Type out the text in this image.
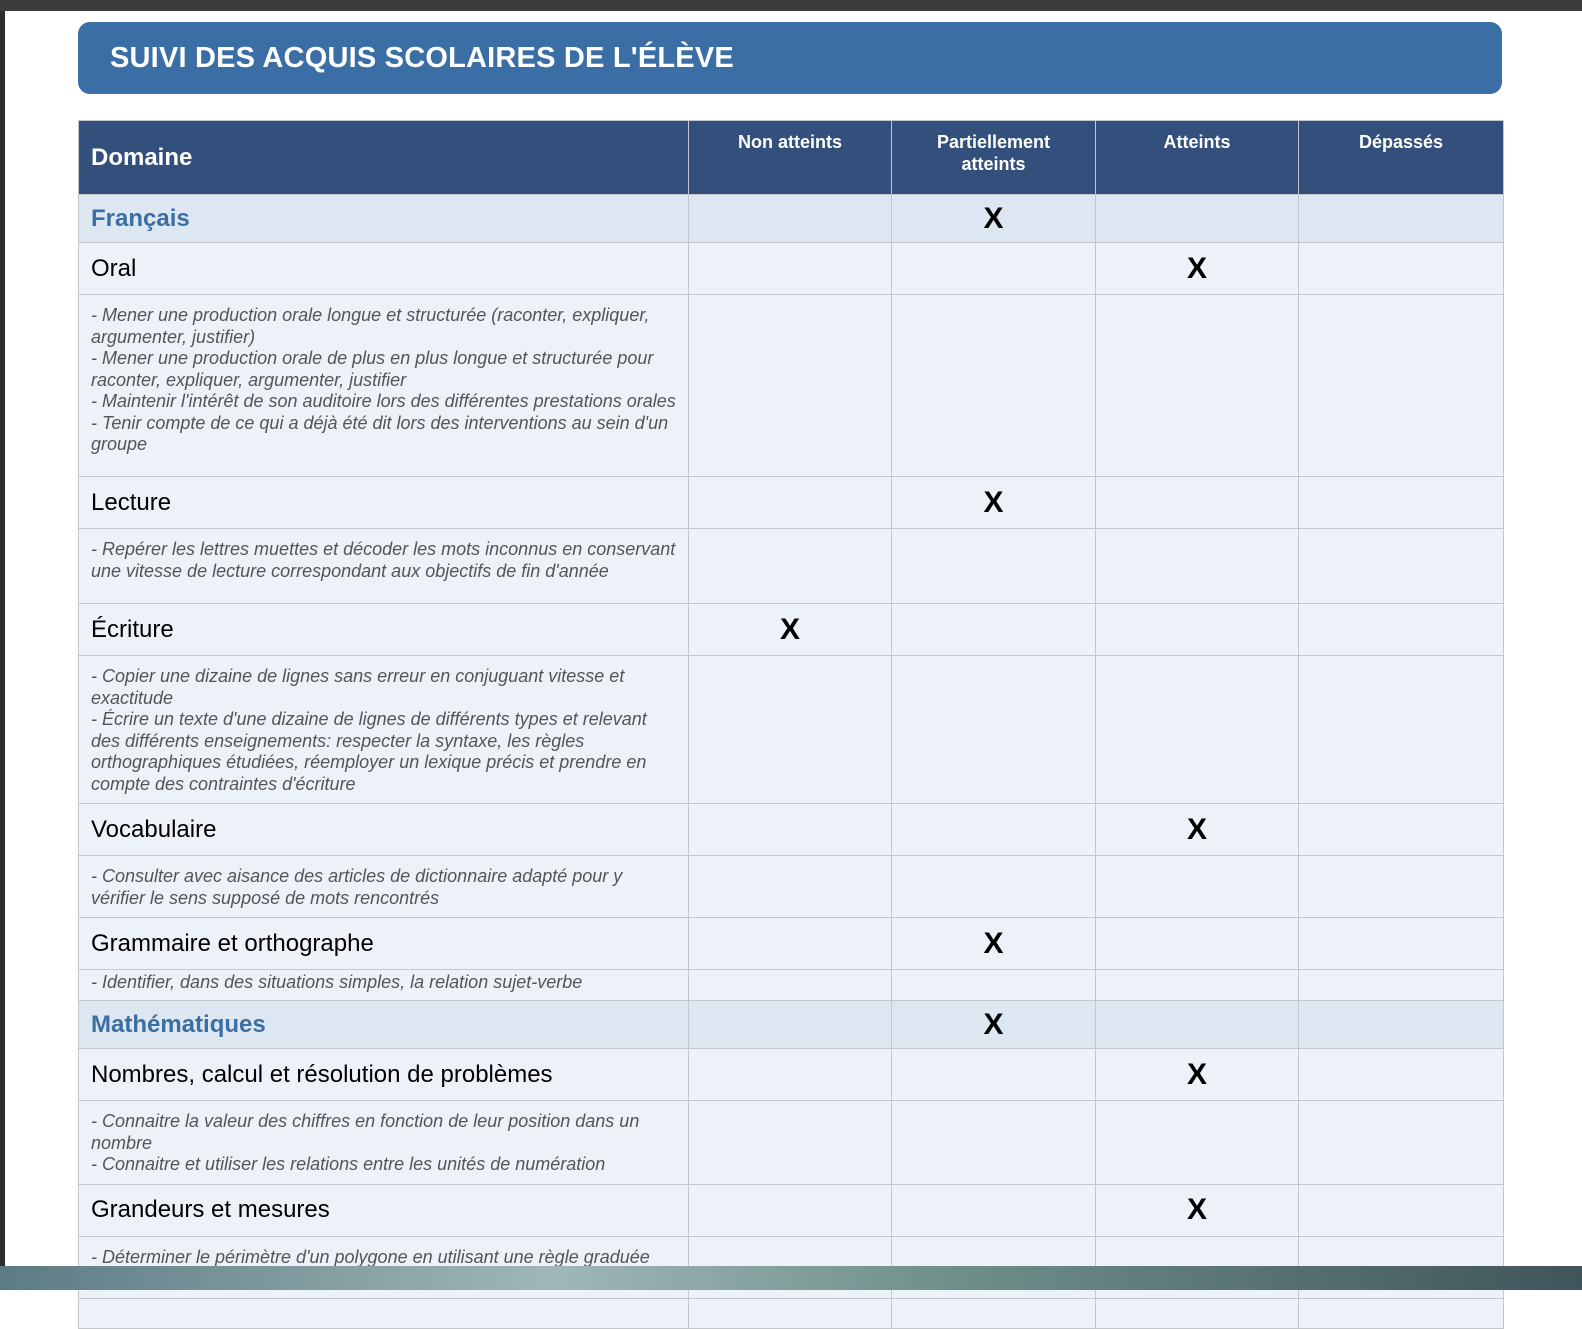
SUIVI DES ACQUIS SCOLAIRES DE L'ÉLÈVE
Domaine	Non atteints	Partiellement atteints	Atteints	Dépassés
Français		X		
Oral			X	

- Mener une production orale longue et structurée (raconter, expliquer, argumenter, justifier)
- Mener une production orale de plus en plus longue et structurée pour raconter, expliquer, argumenter, justifier
- Maintenir l'intérêt de son auditoire lors des différentes prestations orales
- Tenir compte de ce qui a déjà été dit lors des interventions au sein d'un groupe				

Lecture		X		

- Repérer les lettres muettes et décoder les mots inconnus en conservant une vitesse de lecture correspondant aux objectifs de fin d'année				

Écriture	X			

- Copier une dizaine de lignes sans erreur en conjuguant vitesse et exactitude
- Écrire un texte d'une dizaine de lignes de différents types et relevant des différents enseignements: respecter la syntaxe, les règles orthographiques étudiées, réemployer un lexique précis et prendre en compte des contraintes d'écriture				

Vocabulaire			X	

- Consulter avec aisance des articles de dictionnaire adapté pour y vérifier le sens supposé de mots rencontrés				

Grammaire et orthographe		X		

- Identifier, dans des situations simples, la relation sujet-verbe				

Mathématiques		X		
Nombres, calcul et résolution de problèmes			X	

- Connaitre la valeur des chiffres en fonction de leur position dans un nombre
- Connaitre et utiliser les relations entre les unités de numération				

Grandeurs et mesures			X	

- Déterminer le périmètre d'un polygone en utilisant une règle graduée				
